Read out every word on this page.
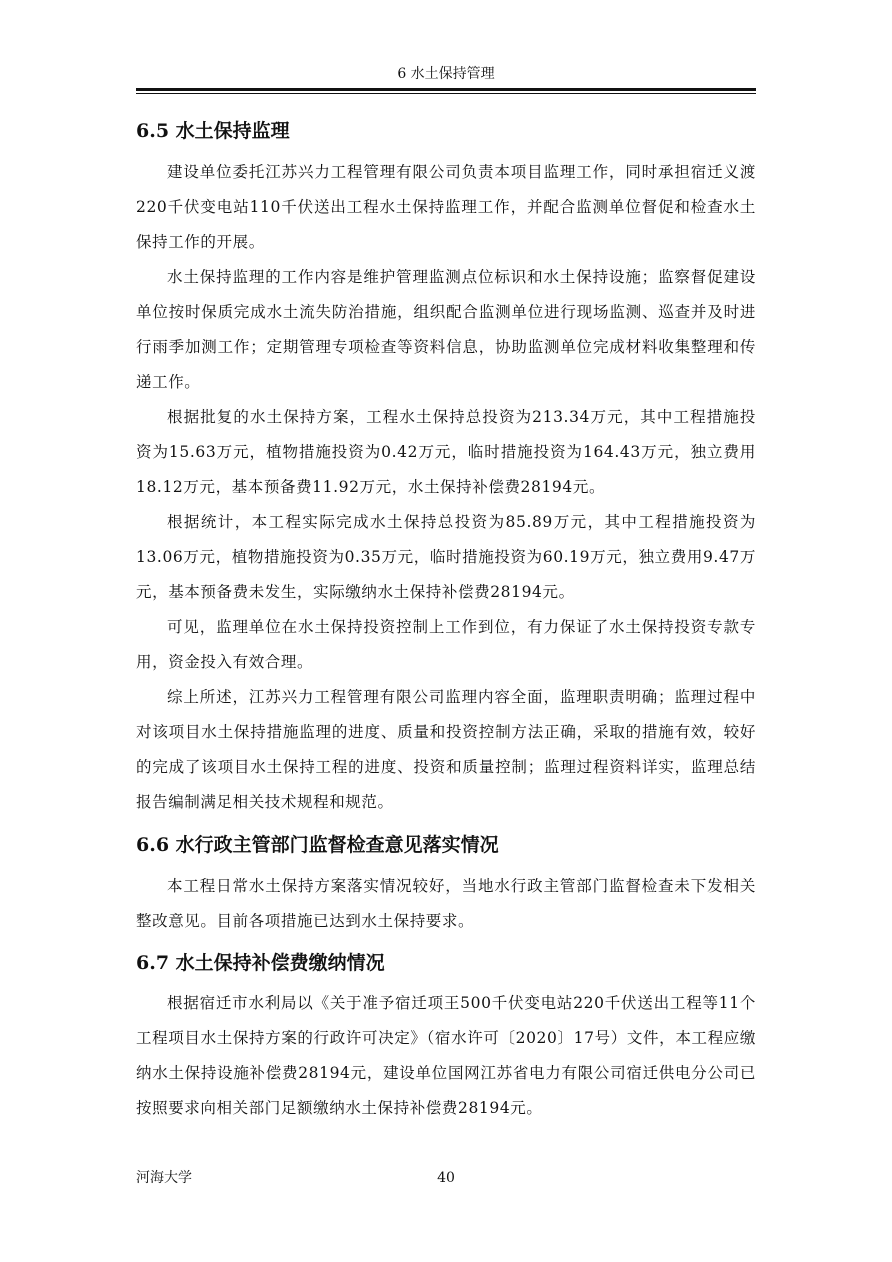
6 水土保持管理
6.5 水土保持监理

建设单位委托江苏兴力工程管理有限公司负责本项目监理工作，同时承担宿迁义渡220千伏变电站110千伏送出工程水土保持监理工作，并配合监测单位督促和检查水土保持工作的开展。

水土保持监理的工作内容是维护管理监测点位标识和水土保持设施；监察督促建设单位按时保质完成水土流失防治措施，组织配合监测单位进行现场监测、巡查并及时进行雨季加测工作；定期管理专项检查等资料信息，协助监测单位完成材料收集整理和传递工作。

根据批复的水土保持方案，工程水土保持总投资为213.34万元，其中工程措施投资为15.63万元，植物措施投资为0.42万元，临时措施投资为164.43万元，独立费用18.12万元，基本预备费11.92万元，水土保持补偿费28194元。

根据统计，本工程实际完成水土保持总投资为85.89万元，其中工程措施投资为13.06万元，植物措施投资为0.35万元，临时措施投资为60.19万元，独立费用9.47万元，基本预备费未发生，实际缴纳水土保持补偿费28194元。

可见，监理单位在水土保持投资控制上工作到位，有力保证了水土保持投资专款专用，资金投入有效合理。

综上所述，江苏兴力工程管理有限公司监理内容全面，监理职责明确；监理过程中对该项目水土保持措施监理的进度、质量和投资控制方法正确，采取的措施有效，较好的完成了该项目水土保持工程的进度、投资和质量控制；监理过程资料详实，监理总结报告编制满足相关技术规程和规范。

6.6 水行政主管部门监督检查意见落实情况

本工程日常水土保持方案落实情况较好，当地水行政主管部门监督检查未下发相关整改意见。目前各项措施已达到水土保持要求。

6.7 水土保持补偿费缴纳情况

根据宿迁市水利局以《关于准予宿迁项王500千伏变电站220千伏送出工程等11个工程项目水土保持方案的行政许可决定》（宿水许可〔2020〕17号）文件，本工程应缴纳水土保持设施补偿费28194元，建设单位国网江苏省电力有限公司宿迁供电分公司已按照要求向相关部门足额缴纳水土保持补偿费28194元。

河海大学	40
